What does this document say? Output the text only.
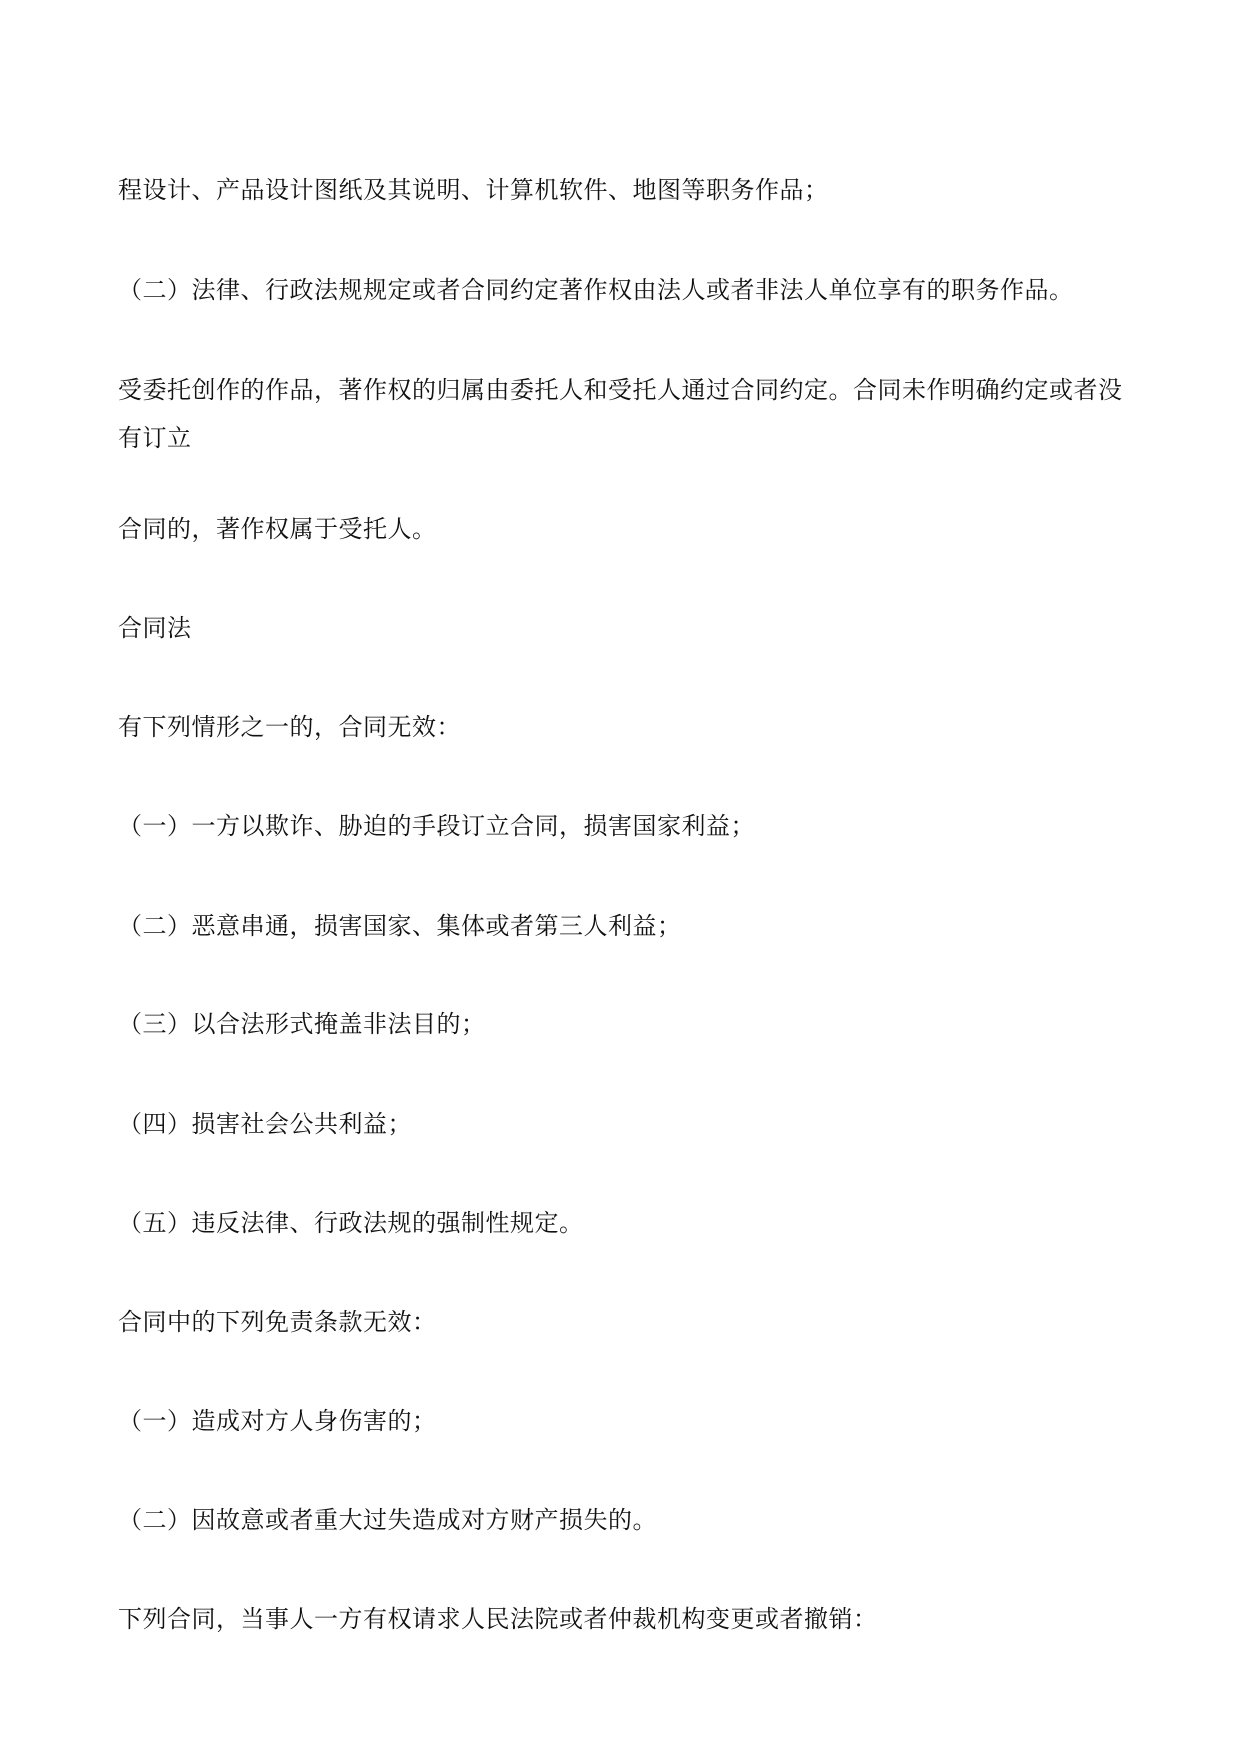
程设计、产品设计图纸及其说明、计算机软件、地图等职务作品；

（二）法律、行政法规规定或者合同约定著作权由法人或者非法人单位享有的职务作品。

受委托创作的作品，著作权的归属由委托人和受托人通过合同约定。合同未作明确约定或者没有订立

合同的，著作权属于受托人。

合同法

有下列情形之一的，合同无效：

（一）一方以欺诈、胁迫的手段订立合同，损害国家利益；

（二）恶意串通，损害国家、集体或者第三人利益；

（三）以合法形式掩盖非法目的；

（四）损害社会公共利益；

（五）违反法律、行政法规的强制性规定。

合同中的下列免责条款无效：

（一）造成对方人身伤害的；

（二）因故意或者重大过失造成对方财产损失的。

下列合同，当事人一方有权请求人民法院或者仲裁机构变更或者撤销：
